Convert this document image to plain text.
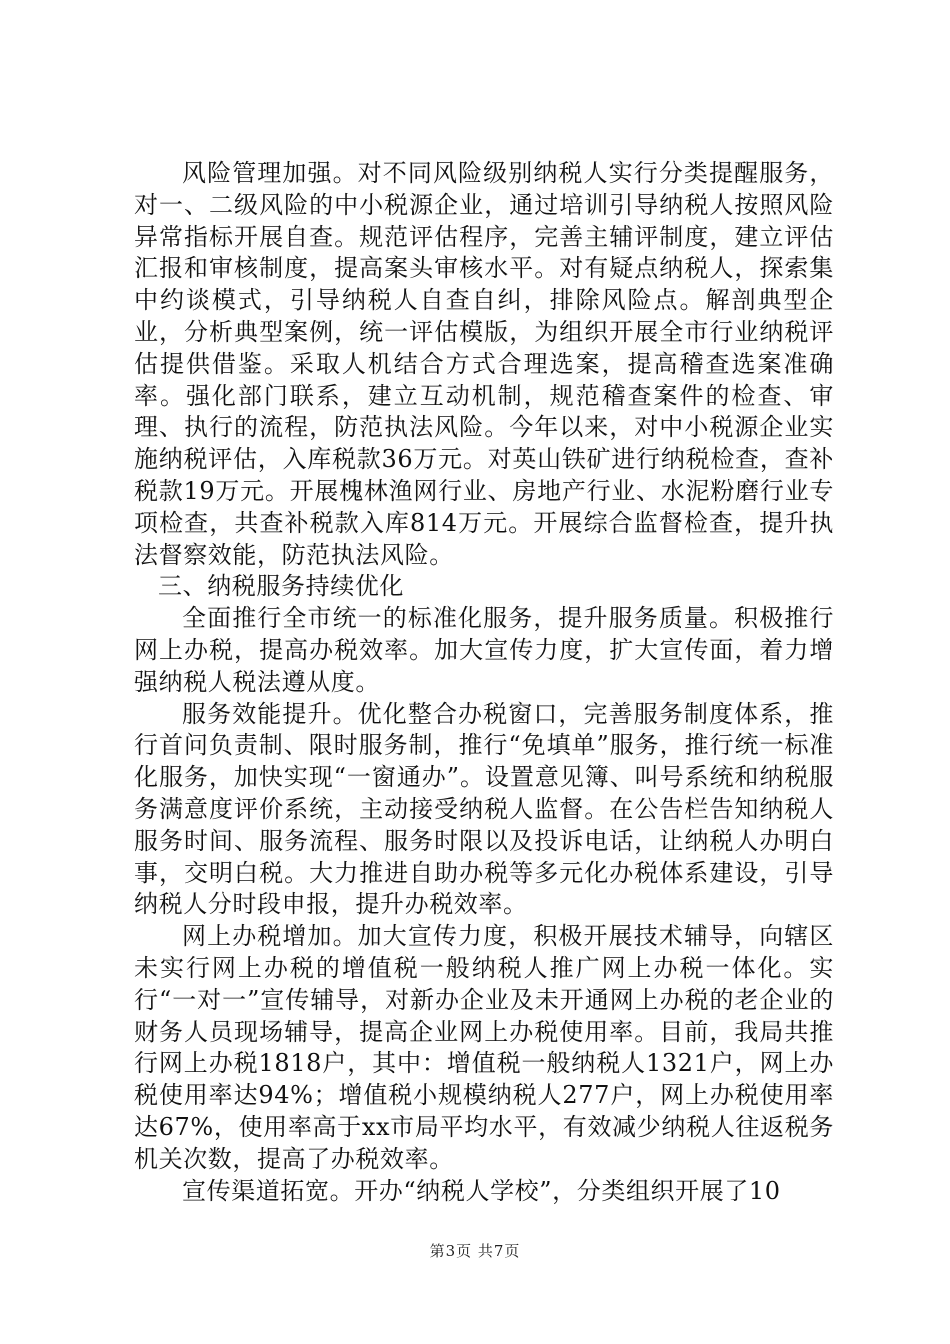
风险管理加强。对不同风险级别纳税人实行分类提醒服务，对一、二级风险的中小税源企业，通过培训引导纳税人按照风险异常指标开展自查。规范评估程序，完善主辅评制度，建立评估汇报和审核制度，提高案头审核水平。对有疑点纳税人，探索集中约谈模式，引导纳税人自查自纠，排除风险点。解剖典型企业，分析典型案例，统一评估模版，为组织开展全市行业纳税评估提供借鉴。采取人机结合方式合理选案，提高稽查选案准确率。强化部门联系，建立互动机制，规范稽查案件的检查、审理、执行的流程，防范执法风险。今年以来，对中小税源企业实施纳税评估，入库税款36万元。对英山铁矿进行纳税检查，查补税款19万元。开展槐林渔网行业、房地产行业、水泥粉磨行业专项检查，共查补税款入库814万元。开展综合监督检查，提升执法督察效能，防范执法风险。

三、纳税服务持续优化

全面推行全市统一的标准化服务，提升服务质量。积极推行网上办税，提高办税效率。加大宣传力度，扩大宣传面，着力增强纳税人税法遵从度。

服务效能提升。优化整合办税窗口，完善服务制度体系，推行首问负责制、限时服务制，推行“免填单”服务，推行统一标准化服务，加快实现“一窗通办”。设置意见簿、叫号系统和纳税服务满意度评价系统，主动接受纳税人监督。在公告栏告知纳税人服务时间、服务流程、服务时限以及投诉电话，让纳税人办明白事，交明白税。大力推进自助办税等多元化办税体系建设，引导纳税人分时段申报，提升办税效率。

网上办税增加。加大宣传力度，积极开展技术辅导，向辖区未实行网上办税的增值税一般纳税人推广网上办税一体化。实行“一对一”宣传辅导，对新办企业及未开通网上办税的老企业的财务人员现场辅导，提高企业网上办税使用率。目前，我局共推行网上办税1818户，其中：增值税一般纳税人1321户，网上办税使用率达94%；增值税小规模纳税人277户，网上办税使用率达67%，使用率高于xx市局平均水平，有效减少纳税人往返税务机关次数，提高了办税效率。

宣传渠道拓宽。开办“纳税人学校”，分类组织开展了10

第3页 共7页
